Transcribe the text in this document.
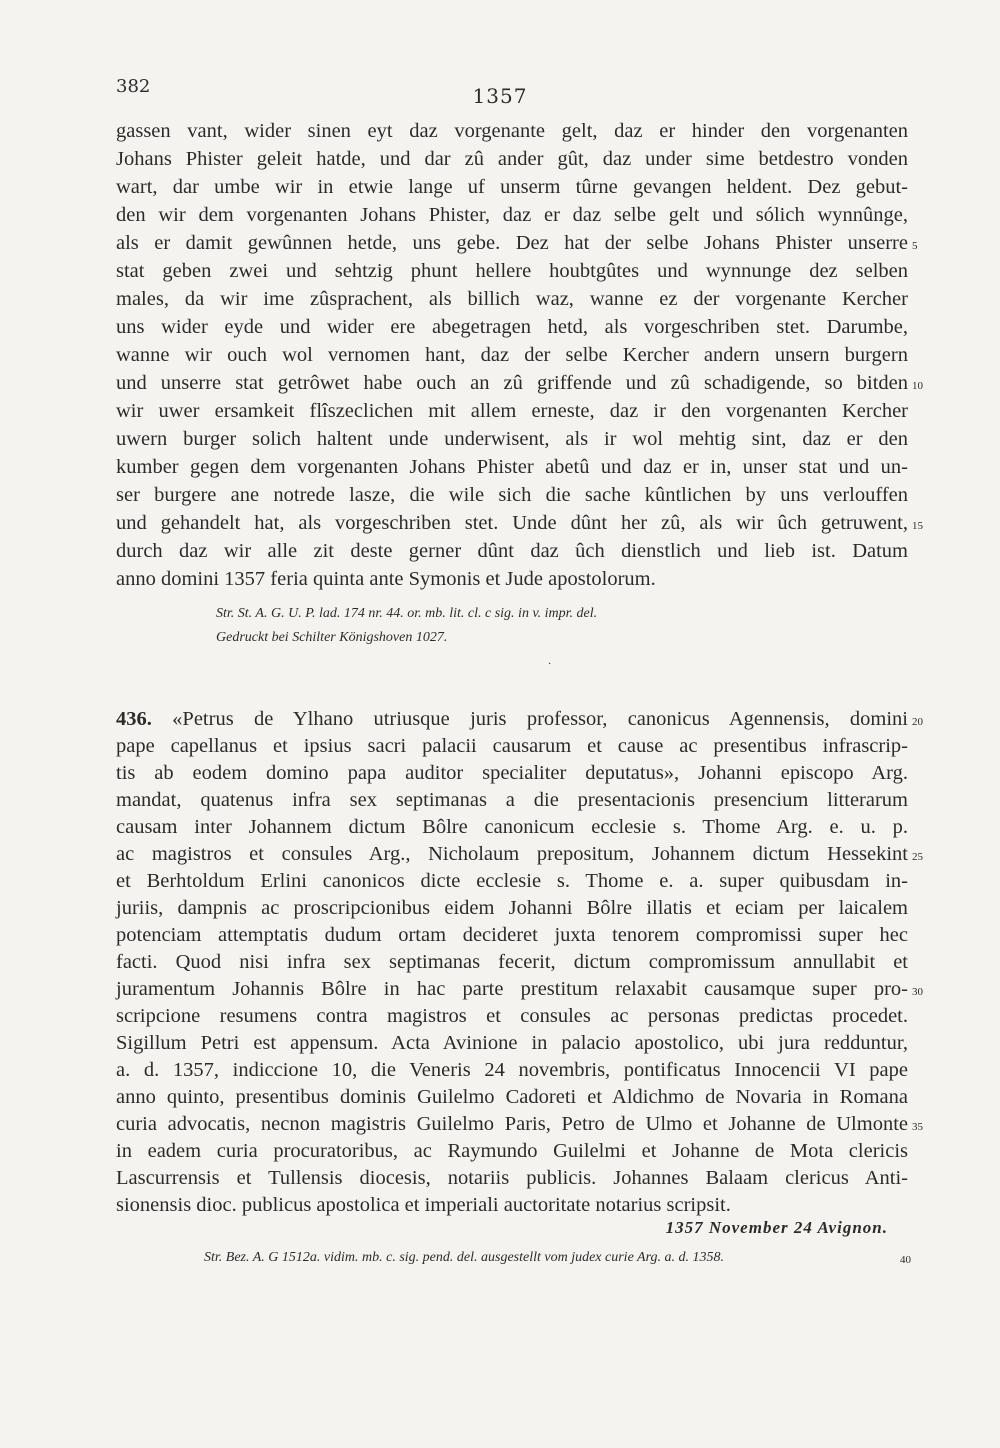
382	1357
gassen vant, wider sinen eyt daz vorgenante gelt, daz er hinder den vorgenanten
Johans Phister geleit hatde, und dar zû ander gût, daz under sime betdestro vonden
wart, dar umbe wir in etwie lange uf unserm tûrne gevangen heldent. Dez gebut-
den wir dem vorgenanten Johans Phister, daz er daz selbe gelt und sólich wynnûnge,
als er damit gewûnnen hetde, uns gebe. Dez hat der selbe Johans Phister unserre
stat geben zwei und sehtzig phunt hellere houbtgûtes und wynnunge dez selben
males, da wir ime zûsprachent, als billich waz, wanne ez der vorgenante Kercher
uns wider eyde und wider ere abegetragen hetd, als vorgeschriben stet. Darumbe,
wanne wir ouch wol vernomen hant, daz der selbe Kercher andern unsern burgern
und unserre stat getrôwet habe ouch an zû griffende und zû schadigende, so bitden
wir uwer ersamkeit flîszeclichen mit allem erneste, daz ir den vorgenanten Kercher
uwern burger solich haltent unde underwisent, als ir wol mehtig sint, daz er den
kumber gegen dem vorgenanten Johans Phister abetû und daz er in, unser stat und un-
ser burgere ane notrede lasze, die wile sich die sache kûntlichen by uns verlouffen
und gehandelt hat, als vorgeschriben stet. Unde dûnt her zû, als wir ûch getruwent,
durch daz wir alle zit deste gerner dûnt daz ûch dienstlich und lieb ist. Datum
anno domini 1357 feria quinta ante Symonis et Jude apostolorum.
Str. St. A. G. U. P. lad. 174 nr. 44. or. mb. lit. cl. c sig. in v. impr. del.
Gedruckt bei Schilter Königshoven 1027.
·
436. «Petrus de Ylhano utriusque juris professor, canonicus Agennensis, domini
pape capellanus et ipsius sacri palacii causarum et cause ac presentibus infrascrip-
tis ab eodem domino papa auditor specialiter deputatus», Johanni episcopo Arg.
mandat, quatenus infra sex septimanas a die presentacionis presencium litterarum
causam inter Johannem dictum Bôlre canonicum ecclesie s. Thome Arg. e. u. p.
ac magistros et consules Arg., Nicholaum prepositum, Johannem dictum Hessekint
et Berhtoldum Erlini canonicos dicte ecclesie s. Thome e. a. super quibusdam in-
juriis, dampnis ac proscripcionibus eidem Johanni Bôlre illatis et eciam per laicalem
potenciam attemptatis dudum ortam decideret juxta tenorem compromissi super hec
facti. Quod nisi infra sex septimanas fecerit, dictum compromissum annullabit et
juramentum Johannis Bôlre in hac parte prestitum relaxabit causamque super pro-
scripcione resumens contra magistros et consules ac personas predictas procedet.
Sigillum Petri est appensum. Acta Avinione in palacio apostolico, ubi jura redduntur,
a. d. 1357, indiccione 10, die Veneris 24 novembris, pontificatus Innocencii VI pape
anno quinto, presentibus dominis Guilelmo Cadoreti et Aldichmo de Novaria in Romana
curia advocatis, necnon magistris Guilelmo Paris, Petro de Ulmo et Johanne de Ulmonte
in eadem curia procuratoribus, ac Raymundo Guilelmi et Johanne de Mota clericis
Lascurrensis et Tullensis diocesis, notariis publicis. Johannes Balaam clericus Anti-
sionensis dioc. publicus apostolica et imperiali auctoritate notarius scripsit.
1357 November 24 Avignon.
Str. Bez. A. G 1512a. vidim. mb. c. sig. pend. del. ausgestellt vom judex curie Arg. a. d. 1358.
5
10
15
20
25
30
35
40
